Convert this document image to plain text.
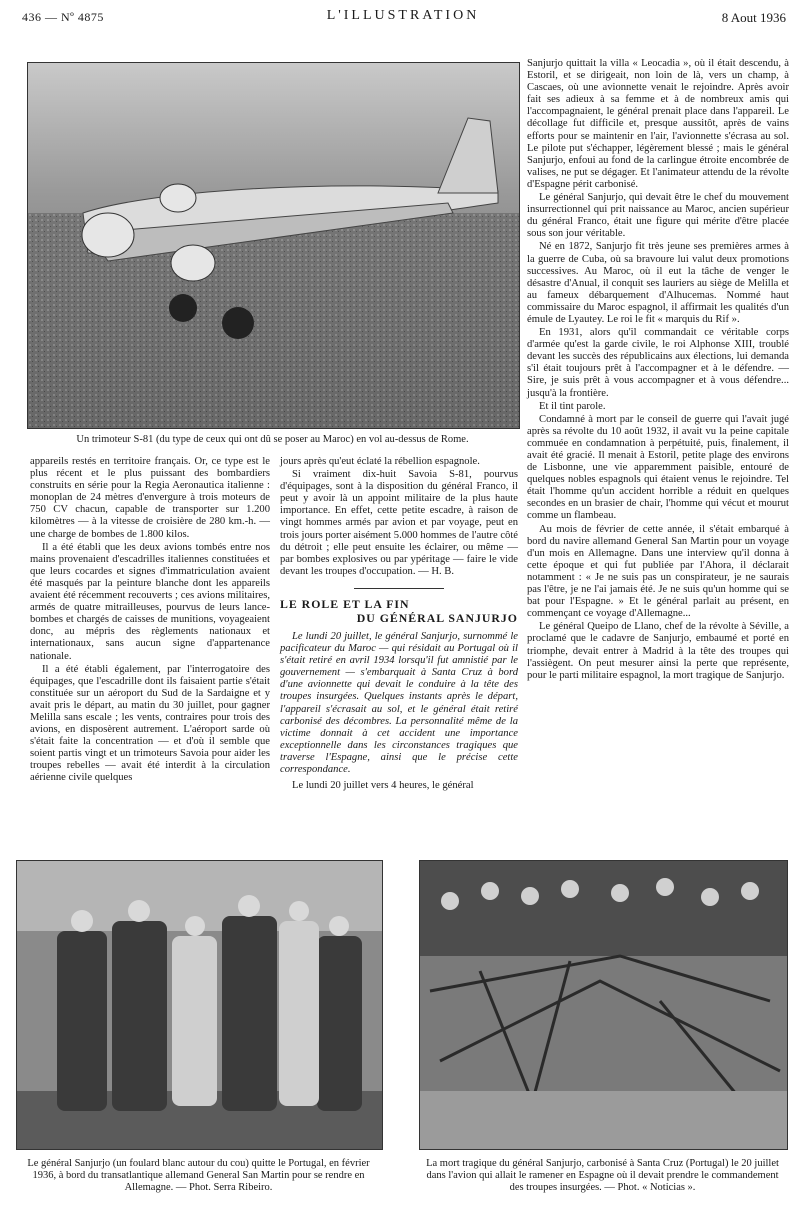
436 — Nº 4875	L'ILLUSTRATION	8 Aout 1936
Un trimoteur S-81 (du type de ceux qui ont dû se poser au Maroc) en vol au-dessus de Rome.

appareils restés en territoire français. Or, ce type est le plus récent et le plus puissant des bombardiers construits en série pour la Regia Aeronautica italienne : monoplan de 24 mètres d'envergure à trois moteurs de 750 CV chacun, capable de transporter sur 1.200 kilomètres — à la vitesse de croisière de 280 km.-h. — une charge de bombes de 1.800 kilos.

Il a été établi que les deux avions tombés entre nos mains provenaient d'escadrilles italiennes constituées et que leurs cocardes et signes d'immatriculation avaient été masqués par la peinture blanche dont les appareils avaient été récemment recouverts ; ces avions militaires, armés de quatre mitrailleuses, pourvus de leurs lance-bombes et chargés de caisses de munitions, voyageaient donc, au mépris des règlements nationaux et internationaux, sans aucun signe d'appartenance nationale.

Il a été établi également, par l'interrogatoire des équipages, que l'escadrille dont ils faisaient partie s'était constituée sur un aéroport du Sud de la Sardaigne et y avait pris le départ, au matin du 30 juillet, pour gagner Melilla sans escale ; les vents, contraires pour trois des avions, en disposèrent autrement. L'aéroport sarde où s'était faite la concentration — et d'où il semble que soient partis vingt et un trimoteurs Savoia pour aider les troupes rebelles — avait été interdit à la circulation aérienne civile quelques

jours après qu'eut éclaté la rébellion espagnole.

Si vraiment dix-huit Savoia S-81, pourvus d'équipages, sont à la disposition du général Franco, il peut y avoir là un appoint militaire de la plus haute importance. En effet, cette petite escadre, à raison de vingt hommes armés par avion et par voyage, peut en trois jours porter aisément 5.000 hommes de l'autre côté du détroit ; elle peut ensuite les éclairer, ou même — par bombes explosives ou par ypéritage — faire le vide devant les troupes d'occupation. — H. B.

LE ROLE ET LA FIN
DU GÉNÉRAL SANJURJO

Le lundi 20 juillet, le général Sanjurjo, surnommé le pacificateur du Maroc — qui résidait au Portugal où il s'était retiré en avril 1934 lorsqu'il fut amnistié par le gouvernement — s'embarquait à Santa Cruz à bord d'une avionnette qui devait le conduire à la tête des troupes insurgées. Quelques instants après le départ, l'appareil s'écrasait au sol, et le général était retiré carbonisé des décombres. La personnalité même de la victime donnait à cet accident une importance exceptionnelle dans les circonstances tragiques que traverse l'Espagne, ainsi que le précise cette correspondance.

Le lundi 20 juillet vers 4 heures, le général

Sanjurjo quittait la villa « Leocadia », où il était descendu, à Estoril, et se dirigeait, non loin de là, vers un champ, à Cascaes, où une avionnette venait le rejoindre. Après avoir fait ses adieux à sa femme et à de nombreux amis qui l'accompagnaient, le général prenait place dans l'appareil. Le décollage fut difficile et, presque aussitôt, après de vains efforts pour se maintenir en l'air, l'avionnette s'écrasa au sol. Le pilote put s'échapper, légèrement blessé ; mais le général Sanjurjo, enfoui au fond de la carlingue étroite encombrée de valises, ne put se dégager. Et l'animateur attendu de la révolte d'Espagne périt carbonisé.

Le général Sanjurjo, qui devait être le chef du mouvement insurrectionnel qui prit naissance au Maroc, ancien supérieur du général Franco, était une figure qui mérite d'être placée sous son jour véritable.

Né en 1872, Sanjurjo fit très jeune ses premières armes à la guerre de Cuba, où sa bravoure lui valut deux promotions successives. Au Maroc, où il eut la tâche de venger le désastre d'Anual, il conquit ses lauriers au siège de Melilla et au fameux débarquement d'Alhucemas. Nommé haut commissaire du Maroc espagnol, il affirmait les qualités d'un émule de Lyautey. Le roi le fit « marquis du Rif ».

En 1931, alors qu'il commandait ce véritable corps d'armée qu'est la garde civile, le roi Alphonse XIII, troublé devant les succès des républicains aux élections, lui demanda s'il était toujours prêt à l'accompagner et à le défendre. — Sire, je suis prêt à vous accompagner et à vous défendre... jusqu'à la frontière.

Et il tint parole.

Condamné à mort par le conseil de guerre qui l'avait jugé après sa révolte du 10 août 1932, il avait vu la peine capitale commuée en condamnation à perpétuité, puis, finalement, il avait été gracié. Il menait à Estoril, petite plage des environs de Lisbonne, une vie apparemment paisible, entouré de quelques nobles espagnols qui étaient venus le rejoindre. Tel était l'homme qu'un accident horrible a réduit en quelques secondes en un brasier de chair, l'homme qui vécut et mourut comme un flambeau.

Au mois de février de cette année, il s'était embarqué à bord du navire allemand General San Martin pour un voyage d'un mois en Allemagne. Dans une interview qu'il donna à cette époque et qui fut publiée par l'Ahora, il déclarait notamment : « Je ne suis pas un conspirateur, je ne saurais pas l'être, je ne l'ai jamais été. Je ne suis qu'un homme qui se bat pour l'Espagne. » Et le général parlait au présent, en commençant ce voyage d'Allemagne...

Le général Queipo de Llano, chef de la révolte à Séville, a proclamé que le cadavre de Sanjurjo, embaumé et porté en triomphe, devait entrer à Madrid à la tête des troupes qui l'assiègent. On peut mesurer ainsi la perte que représente, pour le parti militaire espagnol, la mort tragique de Sanjurjo.

Le général Sanjurjo (un foulard blanc autour du cou) quitte le Portugal, en février 1936, à bord du transatlantique allemand General San Martin pour se rendre en Allemagne. — Phot. Serra Ribeiro.
La mort tragique du général Sanjurjo, carbonisé à Santa Cruz (Portugal) le 20 juillet dans l'avion qui allait le ramener en Espagne où il devait prendre le commandement des troupes insurgées. — Phot. « Noticias ».
